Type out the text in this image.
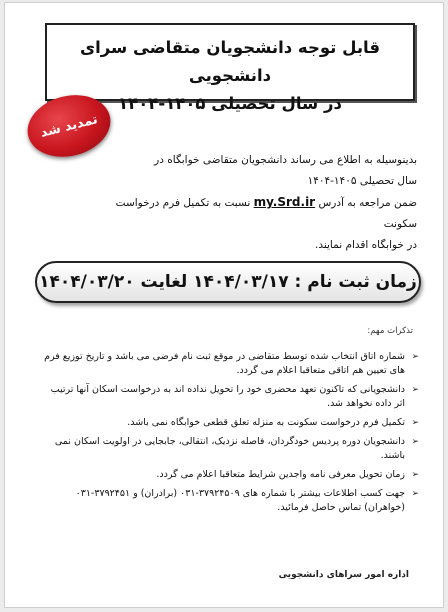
قابل توجه دانشجویان متقاضی سرای دانشجویی
در سال تحصیلی ۱۴۰۵-۱۴۰۴
تمدید شد
بدینوسیله به اطلاع می رساند دانشجویان متقاضی خوابگاه در
سال تحصیلی ۱۴۰۵-۱۴۰۴
ضمن مراجعه به آدرس my.Srd.ir نسبت به تکمیل فرم درخواست سکونت
در خوابگاه اقدام نمایند.
زمان ثبت نام : ۱۴۰۴/۰۳/۱۷ لغایت ۱۴۰۴/۰۳/۲۰
تذکرات مهم:
➢
شماره اتاق انتخاب شده توسط متقاضی در موقع ثبت نام فرضی می باشد و تاریخ توزیع فرم های تعیین هم اتاقی متعاقبا اعلام می گردد.
➢
دانشجویانی که تاکنون تعهد محضری خود را تحویل نداده اند به درخواست اسکان آنها ترتیب اثر داده نخواهد شد.
➢
تکمیل فرم درخواست سکونت به منزله تعلق قطعی خوابگاه نمی باشد.
➢
دانشجویان دوره پردیس خودگردان، فاصله نزدیک، انتقالی، جابجایی در اولویت اسکان نمی باشند.
➢
زمان تحویل معرفی نامه واجدین شرایط متعاقبا اعلام می گردد.
➢
جهت کسب اطلاعات بیشتر با شماره های ۳۷۹۲۴۵۰۹-۰۳۱ (برادران) و ۳۷۹۲۴۵۱-۰۳۱ (خواهران) تماس حاصل فرمائید.
اداره امور سراهای دانشجویی
